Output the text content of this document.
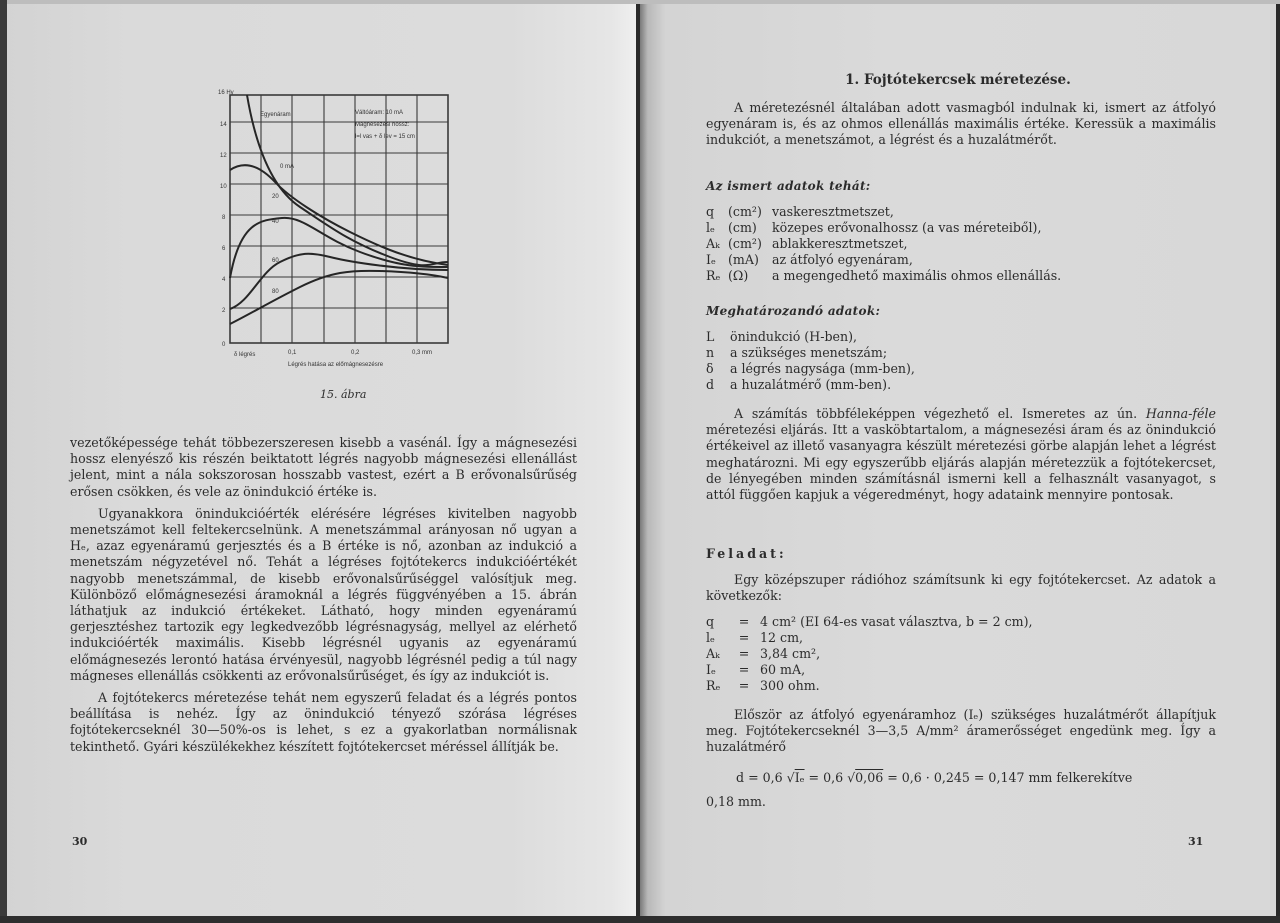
16 Hy
14
12
10
8
6
4
2
0
δ légrés	0,1	0,2	0,3 mm
Légrés hatása az előmágnesezésre
Egyenáram	Váltóáram: 10 mA
Mágnesezési hossz:
l=l vas + δ lev = 15 cm
0 mA
20
40
60
80
15. ábra

vezetőképessége tehát többezerszeresen kisebb a vasénál. Így a mágnesezési hossz elenyésző kis részén beiktatott légrés nagyobb mágnesezési ellenállást jelent, mint a nála sokszorosan hosszabb vastest, ezért a B erővonalsűrűség erősen csökken, és vele az önindukció értéke is.

Ugyanakkora önindukcióérték elérésére légréses kivitelben nagyobb menetszámot kell feltekercselnünk. A menetszámmal arányosan nő ugyan a Hₑ, azaz egyenáramú gerjesztés és a B értéke is nő, azonban az indukció a menetszám négyzetével nő. Tehát a légréses fojtótekercs indukcióértékét nagyobb menetszámmal, de kisebb erővonalsűrűséggel valósítjuk meg. Különböző előmágnesezési áramoknál a légrés függvényében a 15. ábrán láthatjuk az indukció értékeket. Látható, hogy minden egyenáramú gerjesztéshez tartozik egy legkedvezőbb légrésnagyság, mellyel az elérhető indukcióérték maximális. Kisebb légrésnél ugyanis az egyenáramú előmágnesezés lerontó hatása érvényesül, nagyobb légrésnél pedig a túl nagy mágneses ellenállás csökkenti az erővonalsűrűséget, és így az indukciót is.

A fojtótekercs méretezése tehát nem egyszerű feladat és a légrés pontos beállítása is nehéz. Így az önindukció tényező szórása légréses fojtótekercseknél 30—50%-os is lehet, s ez a gyakorlatban normálisnak tekinthető. Gyári készülékekhez készített fojtótekercset méréssel állítják be.

30
1. Fojtótekercsek méretezése.

A méretezésnél általában adott vasmagból indulnak ki, ismert az átfolyó egyenáram is, és az ohmos ellenállás maximális értéke. Keressük a maximális indukciót, a menetszámot, a légrést és a huzalátmérőt.

Az ismert adatok tehát:
q	(cm²) vaskeresztmetszet,
lₑ	(cm)	közepes erővonalhossz (a vas méreteiből),
Aₖ (cm²) ablakkeresztmetszet,
Iₑ (mA)	az átfolyó egyenáram,
Rₑ (Ω)	a megengedhető maximális ohmos ellenállás.
Meghatározandó adatok:
L	önindukció (H-ben),
n	a szükséges menetszám;
δ	a légrés nagysága (mm-ben),
d	a huzalátmérő (mm-ben).

A számítás többféleképpen végezhető el. Ismeretes az ún. Hanna-féle méretezési eljárás. Itt a vasköbtartalom, a mágnesezési áram és az önindukció értékeivel az illető vasanyagra készült méretezési görbe alapján lehet a légrést meghatározni. Mi egy egyszerűbb eljárás alapján méretezzük a fojtótekercset, de lényegében minden számításnál ismerni kell a felhasznált vasanyagot, s attól függően kapjuk a végeredményt, hogy adataink mennyire pontosak.

Feladat:

Egy középszuper rádióhoz számítsunk ki egy fojtótekercset. Az adatok a következők:

q	= 4 cm² (EI 64-es vasat választva, b = 2 cm),
lₑ	= 12 cm,
Aₖ	= 3,84 cm²,
Iₑ	= 60 mA,
Rₑ	= 300 ohm.

Először az átfolyó egyenáramhoz (Iₑ) szükséges huzalátmérőt állapítjuk meg. Fojtótekercseknél 3—3,5 A/mm² áramerősséget engedünk meg. Így a huzalátmérő

d = 0,6 √Iₑ = 0,6 √0,06 = 0,6 · 0,245 = 0,147 mm felkerekítve
0,18 mm.
31
